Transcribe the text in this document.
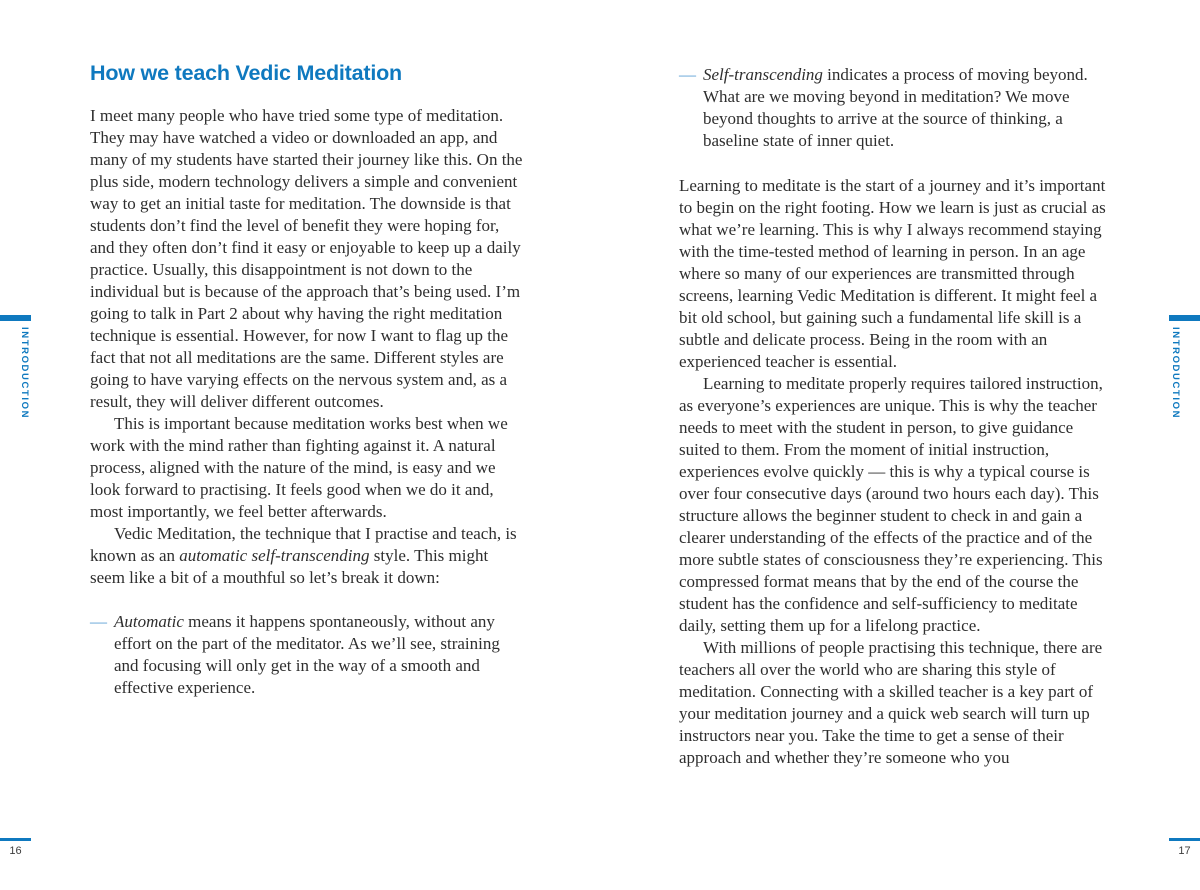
INTRODUCTION	INTRODUCTION
How we teach Vedic Meditation

I meet many people who have tried some type of meditation. They may have watched a video or downloaded an app, and many of my students have started their journey like this. On the plus side, modern technology delivers a simple and convenient way to get an initial taste for meditation. The downside is that students don’t find the level of benefit they were hoping for, and they often don’t find it easy or enjoyable to keep up a daily practice. Usually, this disappointment is not down to the individual but is because of the approach that’s being used. I’m going to talk in Part 2 about why having the right meditation technique is essential. However, for now I want to flag up the fact that not all meditations are the same. Different styles are going to have varying effects on the nervous system and, as a result, they will deliver different outcomes.

This is important because meditation works best when we work with the mind rather than fighting against it. A natural process, aligned with the nature of the mind, is easy and we look forward to practising. It feels good when we do it and, most importantly, we feel better afterwards.

Vedic Meditation, the technique that I practise and teach, is known as an automatic self-transcending style. This might seem like a bit of a mouthful so let’s break it down:

— Automatic means it happens spontaneously, without any effort on the part of the meditator. As we’ll see, straining and focusing will only get in the way of a smooth and effective experience.
— Self-transcending indicates a process of moving beyond. What are we moving beyond in meditation? We move beyond thoughts to arrive at the source of thinking, a baseline state of inner quiet.

Learning to meditate is the start of a journey and it’s important to begin on the right footing. How we learn is just as crucial as what we’re learning. This is why I always recommend staying with the time-tested method of learning in person. In an age where so many of our experiences are transmitted through screens, learning Vedic Meditation is different. It might feel a bit old school, but gaining such a fundamental life skill is a subtle and delicate process. Being in the room with an experienced teacher is essential.

Learning to meditate properly requires tailored instruction, as everyone’s experiences are unique. This is why the teacher needs to meet with the student in person, to give guidance suited to them. From the moment of initial instruction, experiences evolve quickly — this is why a typical course is over four consecutive days (around two hours each day). This structure allows the beginner student to check in and gain a clearer understanding of the effects of the practice and of the more subtle states of consciousness they’re experiencing. This compressed format means that by the end of the course the student has the confidence and self-sufficiency to meditate daily, setting them up for a lifelong practice.

With millions of people practising this technique, there are teachers all over the world who are sharing this style of meditation. Connecting with a skilled teacher is a key part of your meditation journey and a quick web search will turn up instructors near you. Take the time to get a sense of their approach and whether they’re someone who you

16	17
